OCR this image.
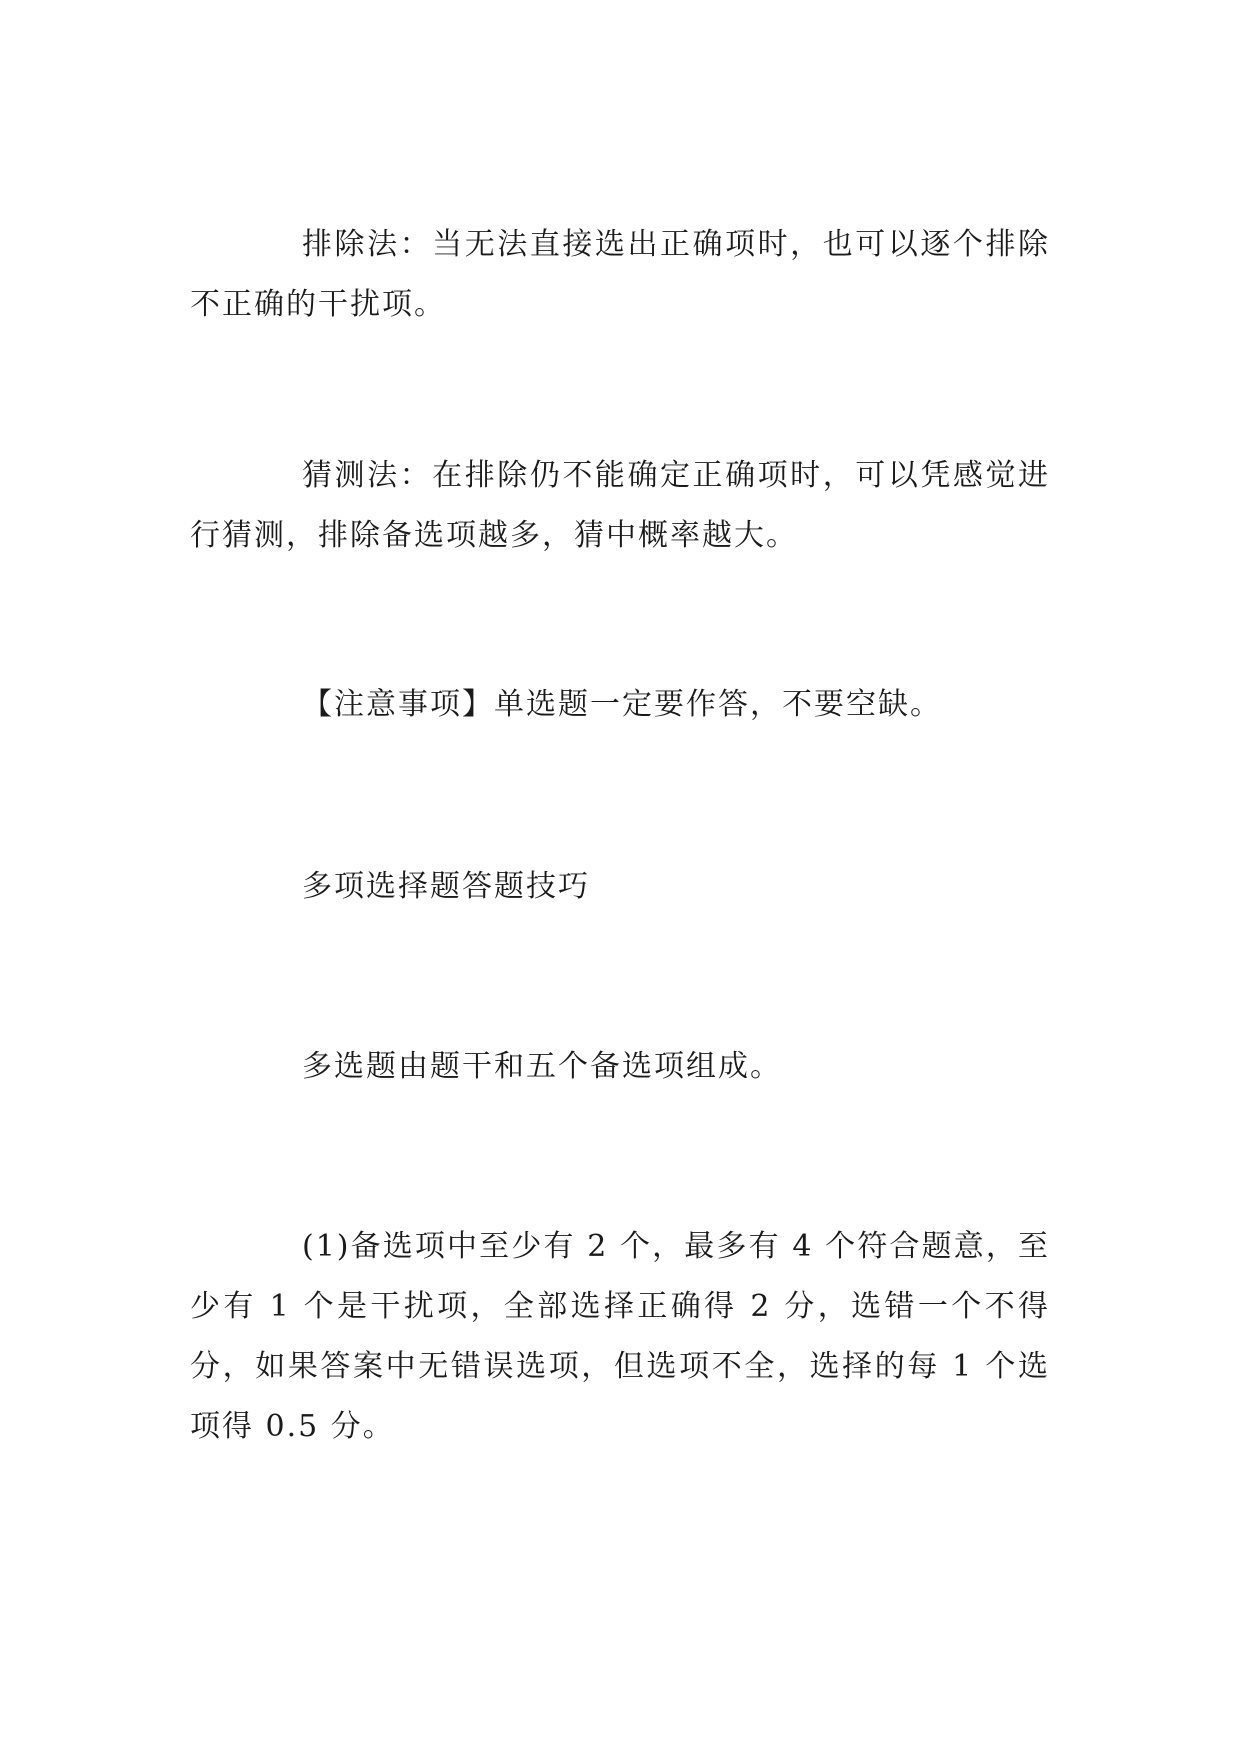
排除法：当无法直接选出正确项时，也可以逐个排除不正确的干扰项。

猜测法：在排除仍不能确定正确项时，可以凭感觉进行猜测，排除备选项越多，猜中概率越大。

【注意事项】单选题一定要作答，不要空缺。

多项选择题答题技巧

多选题由题干和五个备选项组成。

(1)备选项中至少有 2 个，最多有 4 个符合题意，至少有 1 个是干扰项，全部选择正确得 2 分，选错一个不得分，如果答案中无错误选项，但选项不全，选择的每 1 个选项得 0.5 分。
